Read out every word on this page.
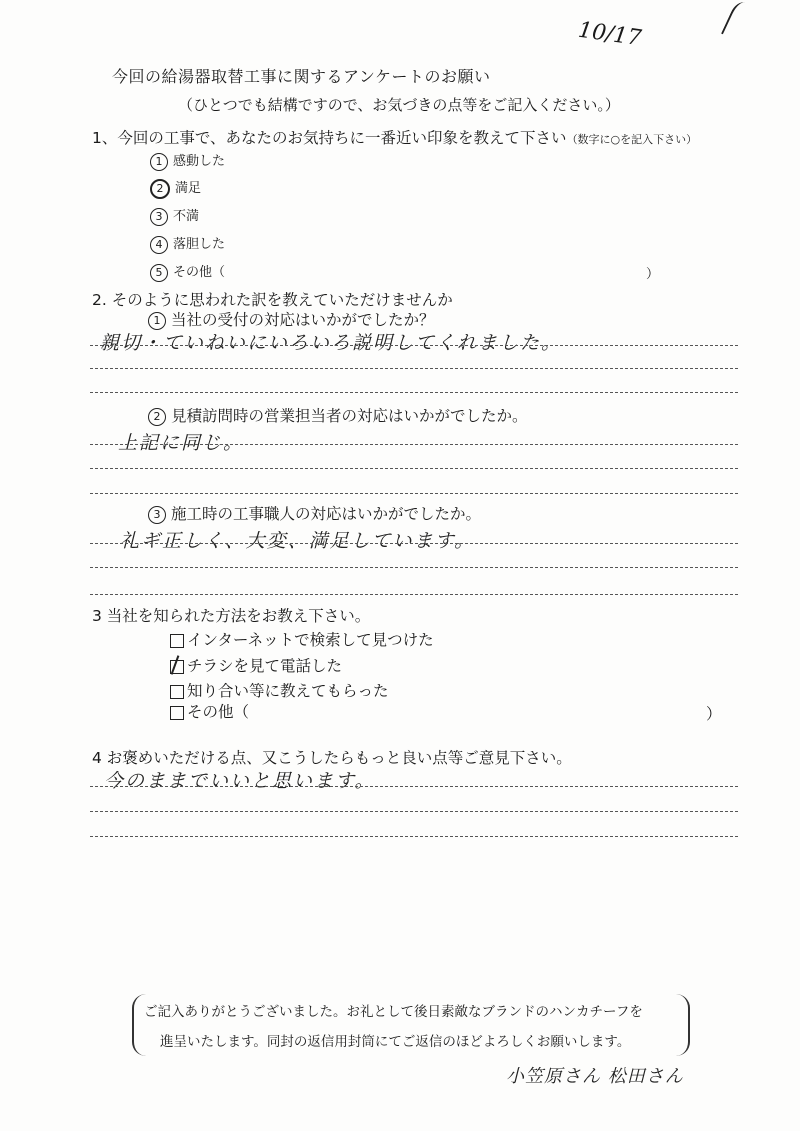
10/17
今回の給湯器取替工事に関するアンケートのお願い
（ひとつでも結構ですので、お気づきの点等をご記入ください。）
1、今回の工事で、あなたのお気持ちに一番近い印象を教えて下さい（数字に○を記入下さい）
1 感動した
2 満足
3 不満
4 落胆した
5 その他（	）
2. そのように思われた訳を教えていただけませんか
1 当社の受付の対応はいかがでしたか？
親切・ていねいにいろいろ説明してくれました。
2 見積訪問時の営業担当者の対応はいかがでしたか。
上記に同じ。
3 施工時の工事職人の対応はいかがでしたか。
礼ギ正しく、大変、満足しています。
3 当社を知られた方法をお教え下さい。
インターネットで検索して見つけた
チラシを見て電話した
知り合い等に教えてもらった
その他（	）
4 お褒めいただける点、又こうしたらもっと良い点等ご意見下さい。
今のままでいいと思います。
ご記入ありがとうございました。お礼として後日素敵なブランドのハンカチーフを
進呈いたします。同封の返信用封筒にてご返信のほどよろしくお願いします。
小笠原さん 松田さん
